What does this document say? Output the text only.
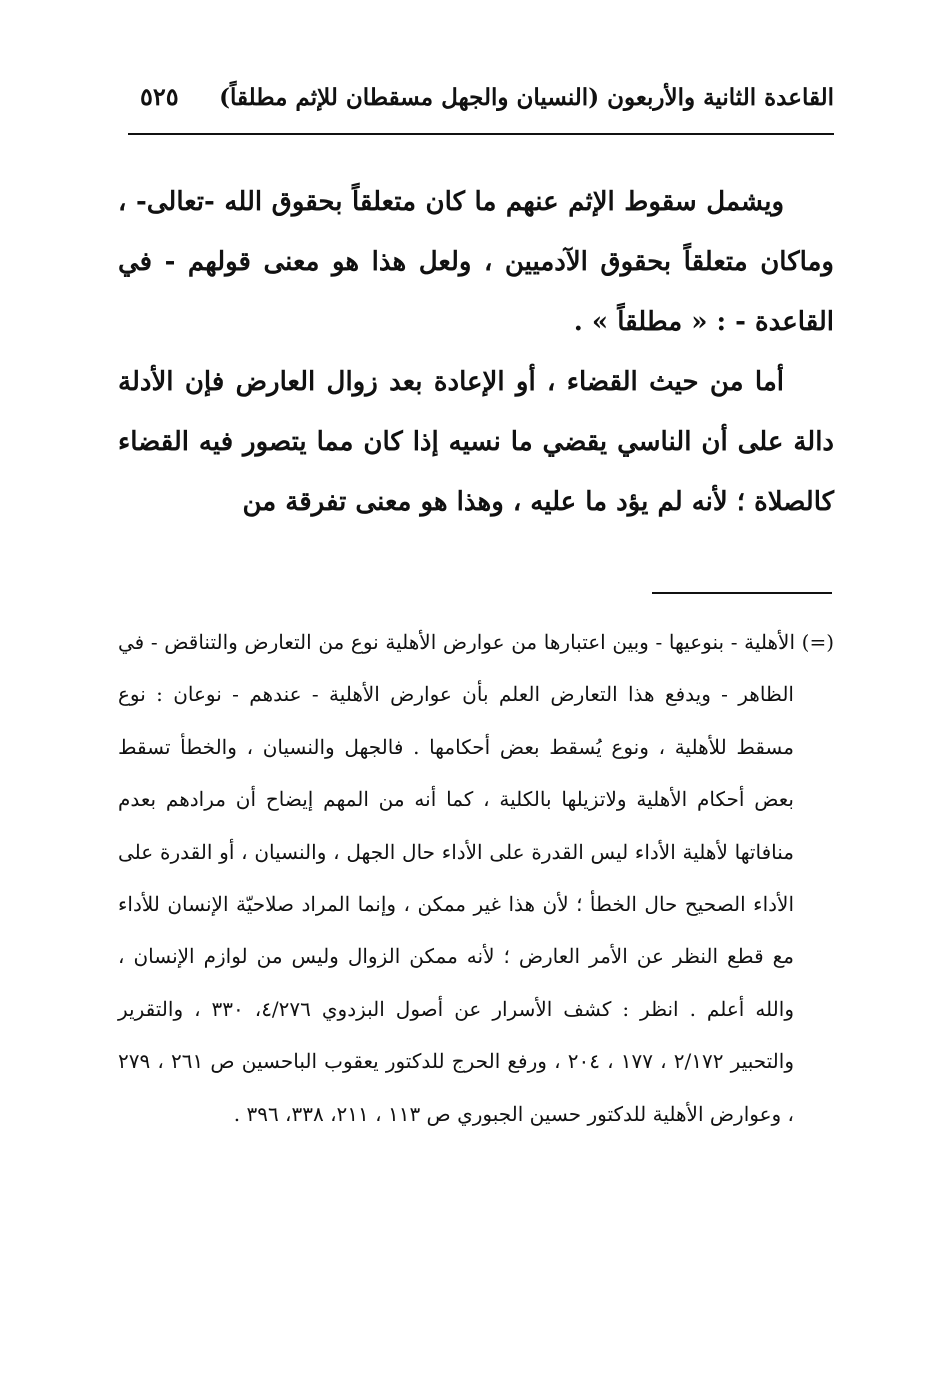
القاعدة الثانية والأربعون (النسيان والجهل مسقطان للإثم مطلقاً)
٥٢٥

ويشمل سقوط الإثم عنهم ما كان متعلقاً بحقوق الله -تعالى- ، وماكان متعلقاً بحقوق الآدميين ، ولعل هذا هو معنى قولهم - في القاعدة - : « مطلقاً » .

أما من حيث القضاء ، أو الإعادة بعد زوال العارض فإن الأدلة دالة على أن الناسي يقضي ما نسيه إذا كان مما يتصور فيه القضاء كالصلاة ؛ لأنه لم يؤد ما عليه ، وهذا هو معنى تفرقة من

(=) الأهلية - بنوعيها - وبين اعتبارها من عوارض الأهلية نوع من التعارض والتناقض - في الظاهر - ويدفع هذا التعارض العلم بأن عوارض الأهلية - عندهم - نوعان : نوع مسقط للأهلية ، ونوع يُسقط بعض أحكامها . فالجهل والنسيان ، والخطأ تسقط بعض أحكام الأهلية ولاتزيلها بالكلية ، كما أنه من المهم إيضاح أن مرادهم بعدم منافاتها لأهلية الأداء ليس القدرة على الأداء حال الجهل ، والنسيان ، أو القدرة على الأداء الصحيح حال الخطأ ؛ لأن هذا غير ممكن ، وإنما المراد صلاحيّة الإنسان للأداء مع قطع النظر عن الأمر العارض ؛ لأنه ممكن الزوال وليس من لوازم الإنسان ، والله أعلم . انظر : كشف الأسرار عن أصول البزدوي ٤/٢٧٦، ٣٣٠ ، والتقرير والتحبير ٢/١٧٢ ، ١٧٧ ، ٢٠٤ ، ورفع الحرج للدكتور يعقوب الباحسين ص ٢٦١ ، ٢٧٩ ، وعوارض الأهلية للدكتور حسين الجبوري ص ١١٣ ، ٢١١، ٣٣٨، ٣٩٦ .
